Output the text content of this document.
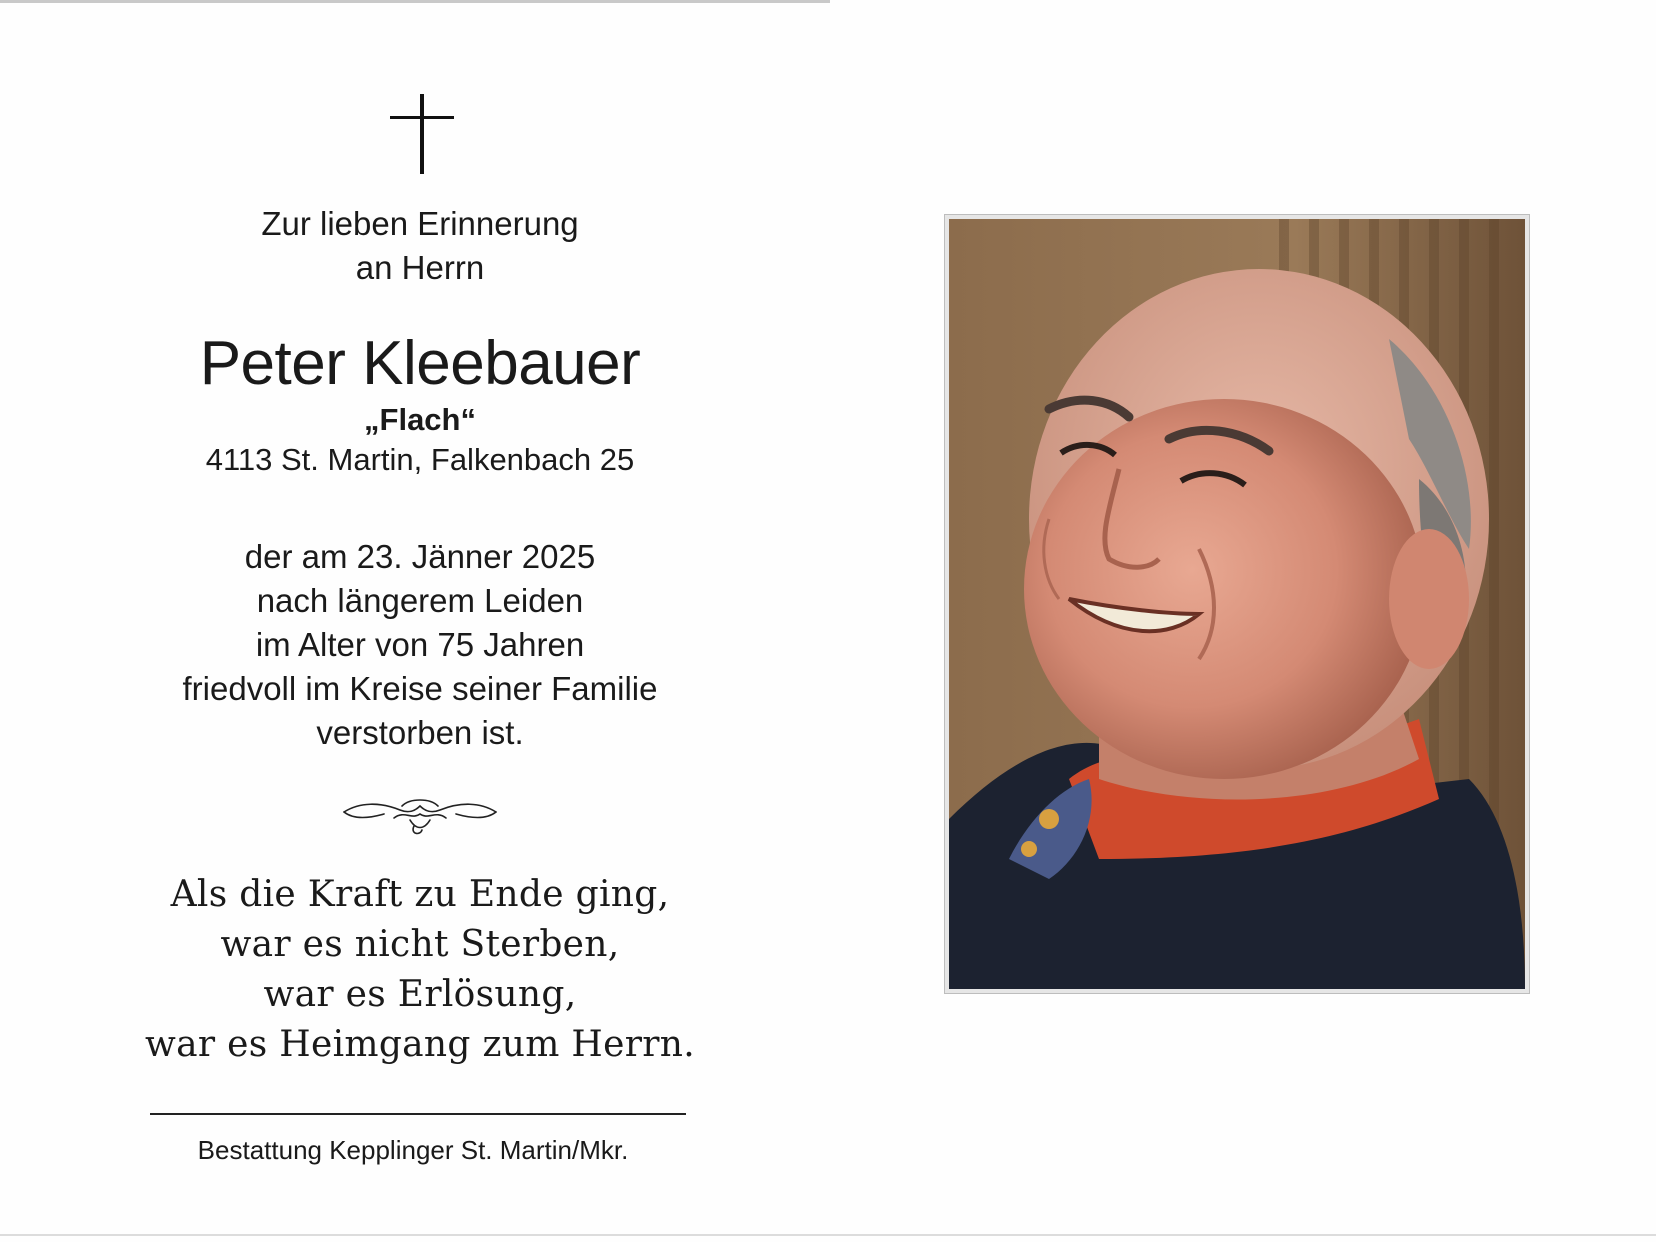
Zur lieben Erinnerung
an Herrn
Peter Kleebauer
„Flach“
4113 St. Martin, Falkenbach 25
der am 23. Jänner 2025
nach längerem Leiden
im Alter von 75 Jahren
friedvoll im Kreise seiner Familie
verstorben ist.
Als die Kraft zu Ende ging,
war es nicht Sterben,
war es Erlösung,
war es Heimgang zum Herrn.
Bestattung Kepplinger St. Martin/Mkr.
